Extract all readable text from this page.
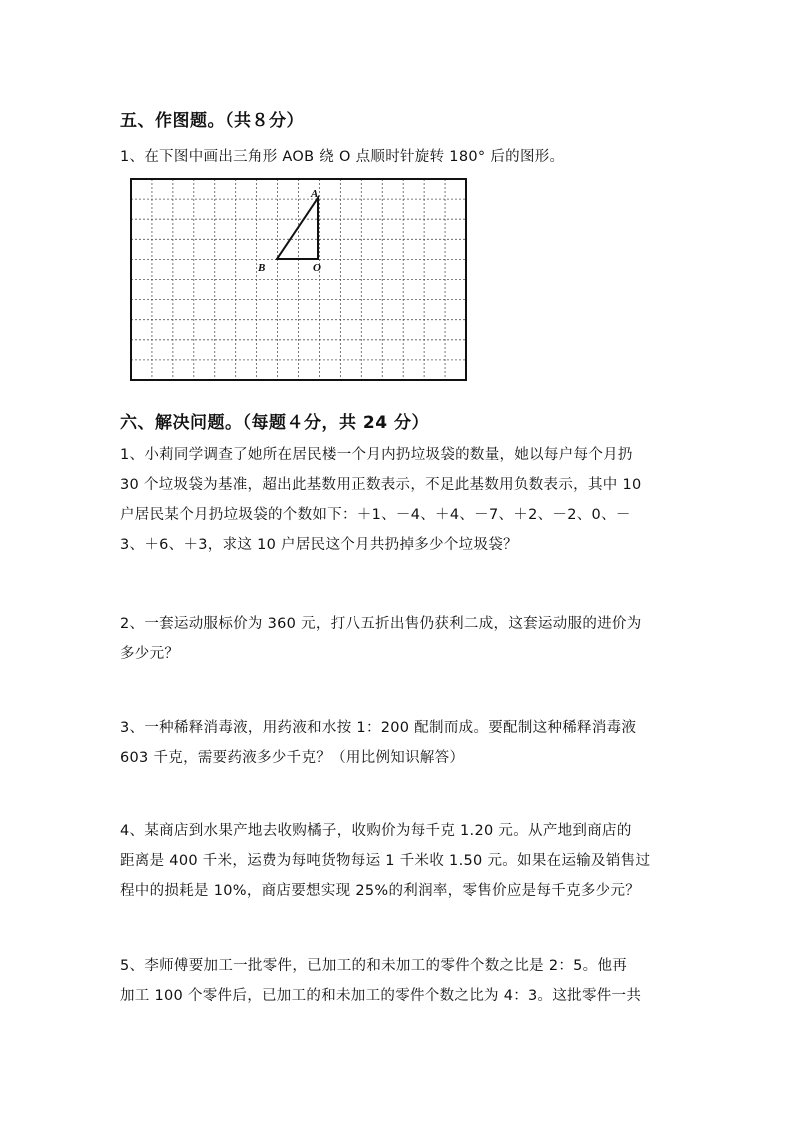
五、作图题。（共８分）
1、在下图中画出三角形 AOB 绕 O 点顺时针旋转 180° 后的图形。
A
B	O
六、解决问题。（每题４分，共 24 分）
1、小莉同学调查了她所在居民楼一个月内扔垃圾袋的数量，她以每户每个月扔
30 个垃圾袋为基准，超出此基数用正数表示，不足此基数用负数表示，其中 10
户居民某个月扔垃圾袋的个数如下：＋1、－4、＋4、－7、＋2、－2、0、－
3、＋6、＋3，求这 10 户居民这个月共扔掉多少个垃圾袋？
2、一套运动服标价为 360 元，打八五折出售仍获利二成，这套运动服的进价为
多少元？
3、一种稀释消毒液，用药液和水按 1：200 配制而成。要配制这种稀释消毒液
603 千克，需要药液多少千克？（用比例知识解答）
4、某商店到水果产地去收购橘子，收购价为每千克 1.20 元。从产地到商店的
距离是 400 千米，运费为每吨货物每运 1 千米收 1.50 元。如果在运输及销售过
程中的损耗是 10%，商店要想实现 25%的利润率，零售价应是每千克多少元？
5、李师傅要加工一批零件，已加工的和未加工的零件个数之比是 2：5。他再
加工 100 个零件后，已加工的和未加工的零件个数之比为 4：3。这批零件一共
